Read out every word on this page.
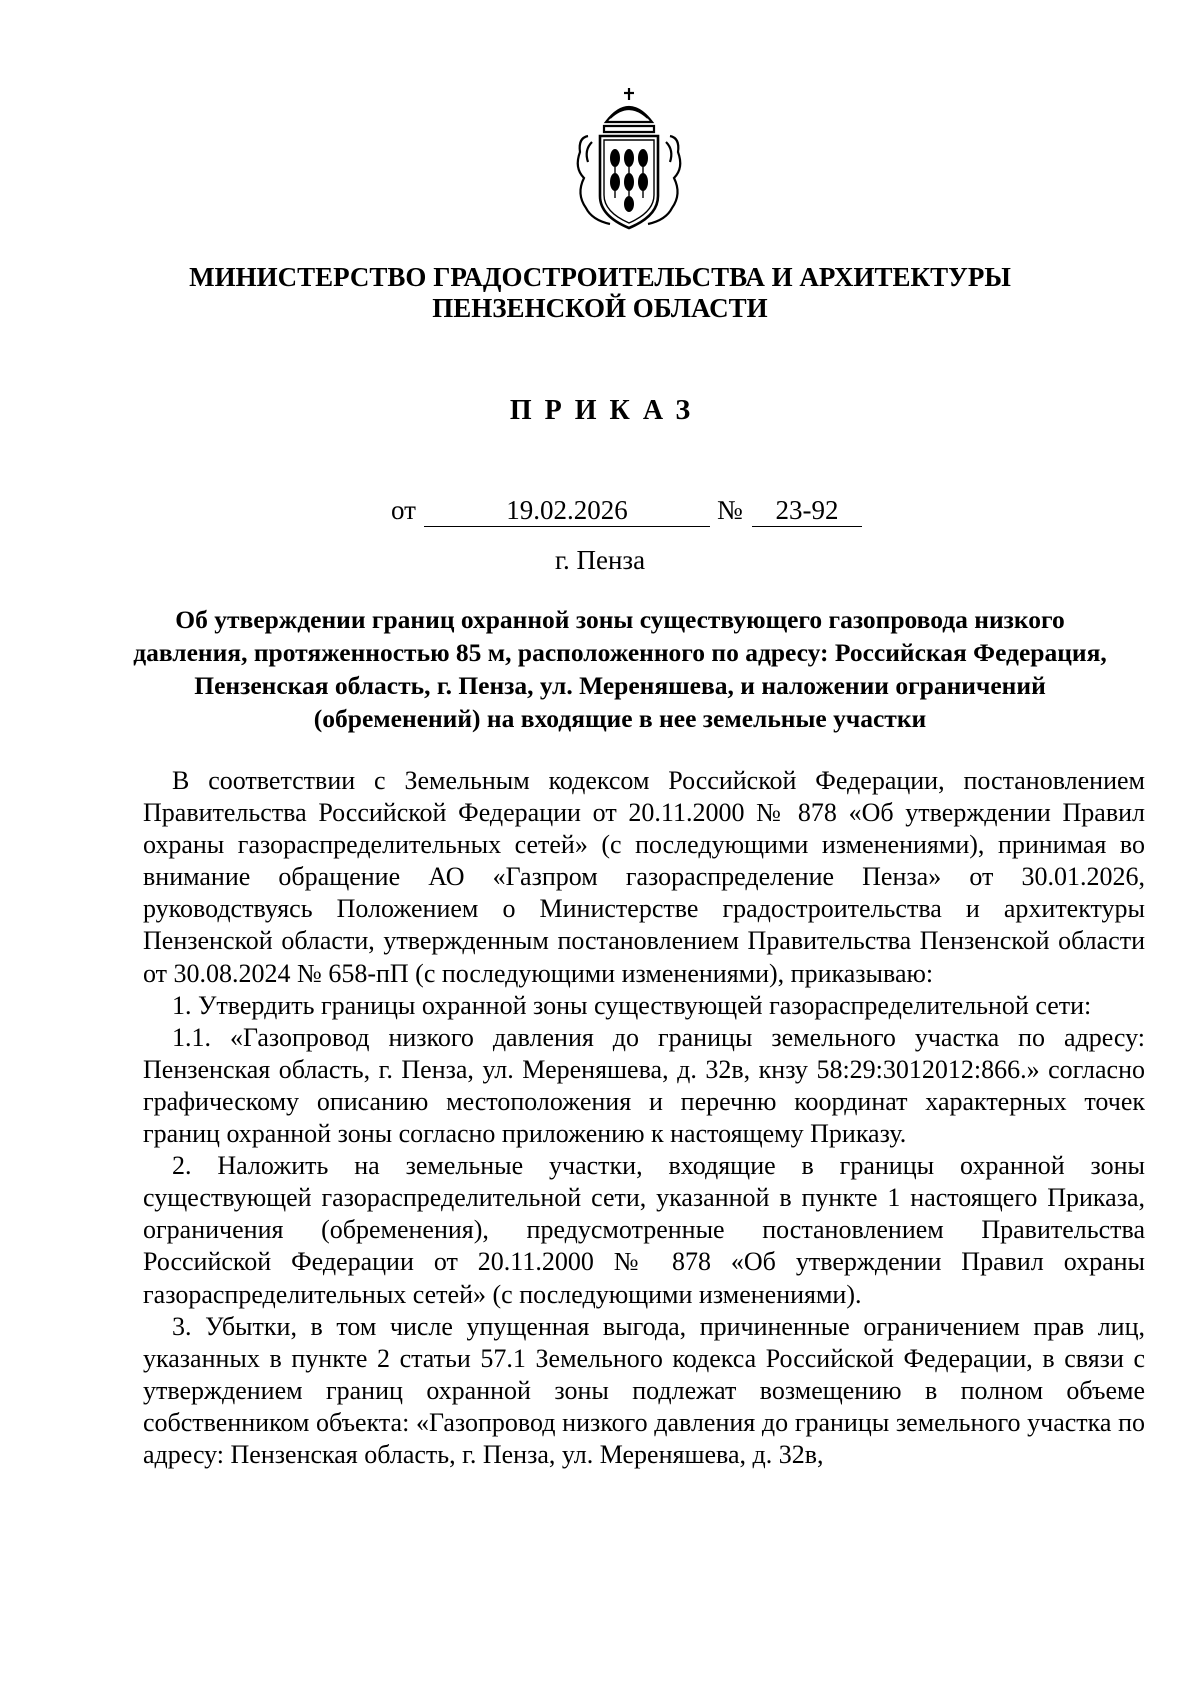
МИНИСТЕРСТВО ГРАДОСТРОИТЕЛЬСТВА И АРХИТЕКТУРЫ
ПЕНЗЕНСКОЙ ОБЛАСТИ
ПРИКАЗ
от	19.02.2026	№	23-92
г. Пенза
Об утверждении границ охранной зоны существующего газопровода низкого давления, протяженностью 85 м, расположенного по адресу: Российская Федерация, Пензенская область, г. Пенза, ул. Мереняшева, и наложении ограничений (обременений) на входящие в нее земельные участки

В соответствии с Земельным кодексом Российской Федерации, постановлением Правительства Российской Федерации от 20.11.2000 № 878 «Об утверждении Правил охраны газораспределительных сетей» (с последующими изменениями), принимая во внимание обращение АО «Газпром газораспределение Пенза» от 30.01.2026, руководствуясь Положением о Министерстве градостроительства и архитектуры Пензенской области, утвержденным постановлением Правительства Пензенской области от 30.08.2024 № 658-пП (с последующими изменениями), приказываю:

1. Утвердить границы охранной зоны существующей газораспределительной сети:

1.1. «Газопровод низкого давления до границы земельного участка по адресу: Пензенская область, г. Пенза, ул. Мереняшева, д. 32в, кнзу 58:29:3012012:866.» согласно графическому описанию местоположения и перечню координат характерных точек границ охранной зоны согласно приложению к настоящему Приказу.

2. Наложить на земельные участки, входящие в границы охранной зоны существующей газораспределительной сети, указанной в пункте 1 настоящего Приказа, ограничения (обременения), предусмотренные постановлением Правительства Российской Федерации от 20.11.2000 № 878 «Об утверждении Правил охраны газораспределительных сетей» (с последующими изменениями).

3. Убытки, в том числе упущенная выгода, причиненные ограничением прав лиц, указанных в пункте 2 статьи 57.1 Земельного кодекса Российской Федерации, в связи с утверждением границ охранной зоны подлежат возмещению в полном объеме собственником объекта: «Газопровод низкого давления до границы земельного участка по адресу: Пензенская область, г. Пенза, ул. Мереняшева, д. 32в,
